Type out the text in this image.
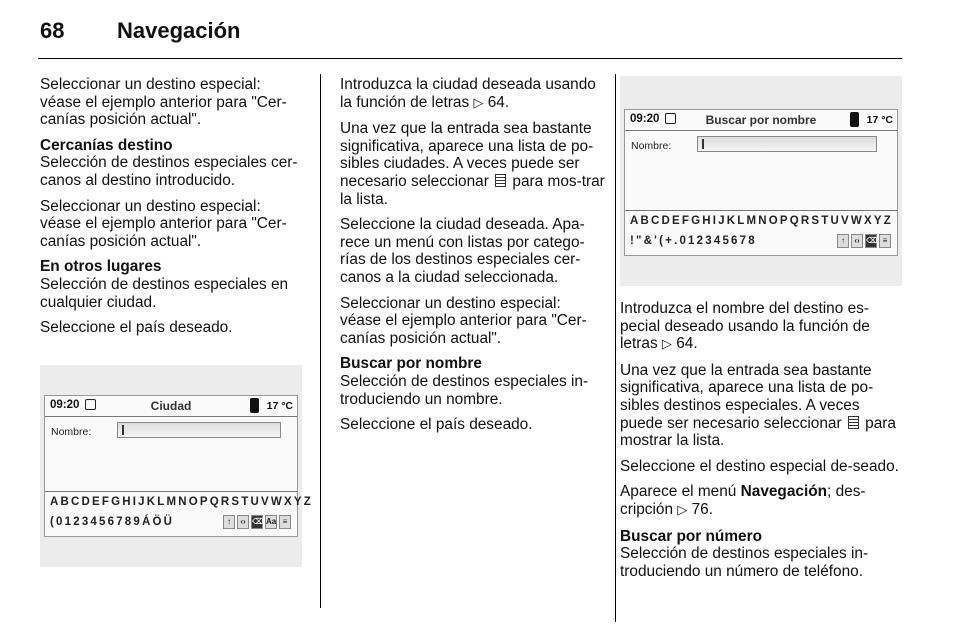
68 Navegación

Seleccionar un destino especial: véase el ejemplo anterior para "Cer-canías posición actual".

Cercanías destino

Selección de destinos especiales cer-canos al destino introducido.

Seleccionar un destino especial: véase el ejemplo anterior para "Cer-canías posición actual".

En otros lugares

Selección de destinos especiales en cualquier ciudad.

Seleccione el país deseado.

09:20	Ciudad	17 °C
Nombre:
ABCDEFGHIJKLMNOPQRSTUVWXYZ
(0123456789ÁÖÜ	↑	‹› ⌫ Aa ≡

Introduzca la ciudad deseada usando la función de letras ▷ 64.

Una vez que la entrada sea bastante significativa, aparece una lista de po-sibles ciudades. A veces puede ser necesario seleccionar  para mos-trar la lista.

Seleccione la ciudad deseada. Apa-rece un menú con listas por catego-rías de los destinos especiales cer-canos a la ciudad seleccionada.

Seleccionar un destino especial: véase el ejemplo anterior para "Cer-canías posición actual".

Buscar por nombre

Selección de destinos especiales in-troduciendo un nombre.

Seleccione el país deseado.

09:20	Buscar por nombre	17 °C
Nombre:
ABCDEFGHIJKLMNOPQRSTUVWXYZ
!"&'(+.012345678	↑	‹› ⌫ ≡

Introduzca el nombre del destino es-pecial deseado usando la función de letras ▷ 64.

Una vez que la entrada sea bastante significativa, aparece una lista de po-sibles destinos especiales. A veces puede ser necesario seleccionar  para mostrar la lista.

Seleccione el destino especial de-seado.

Aparece el menú Navegación; des-cripción ▷ 76.

Buscar por número

Selección de destinos especiales in-troduciendo un número de teléfono.
